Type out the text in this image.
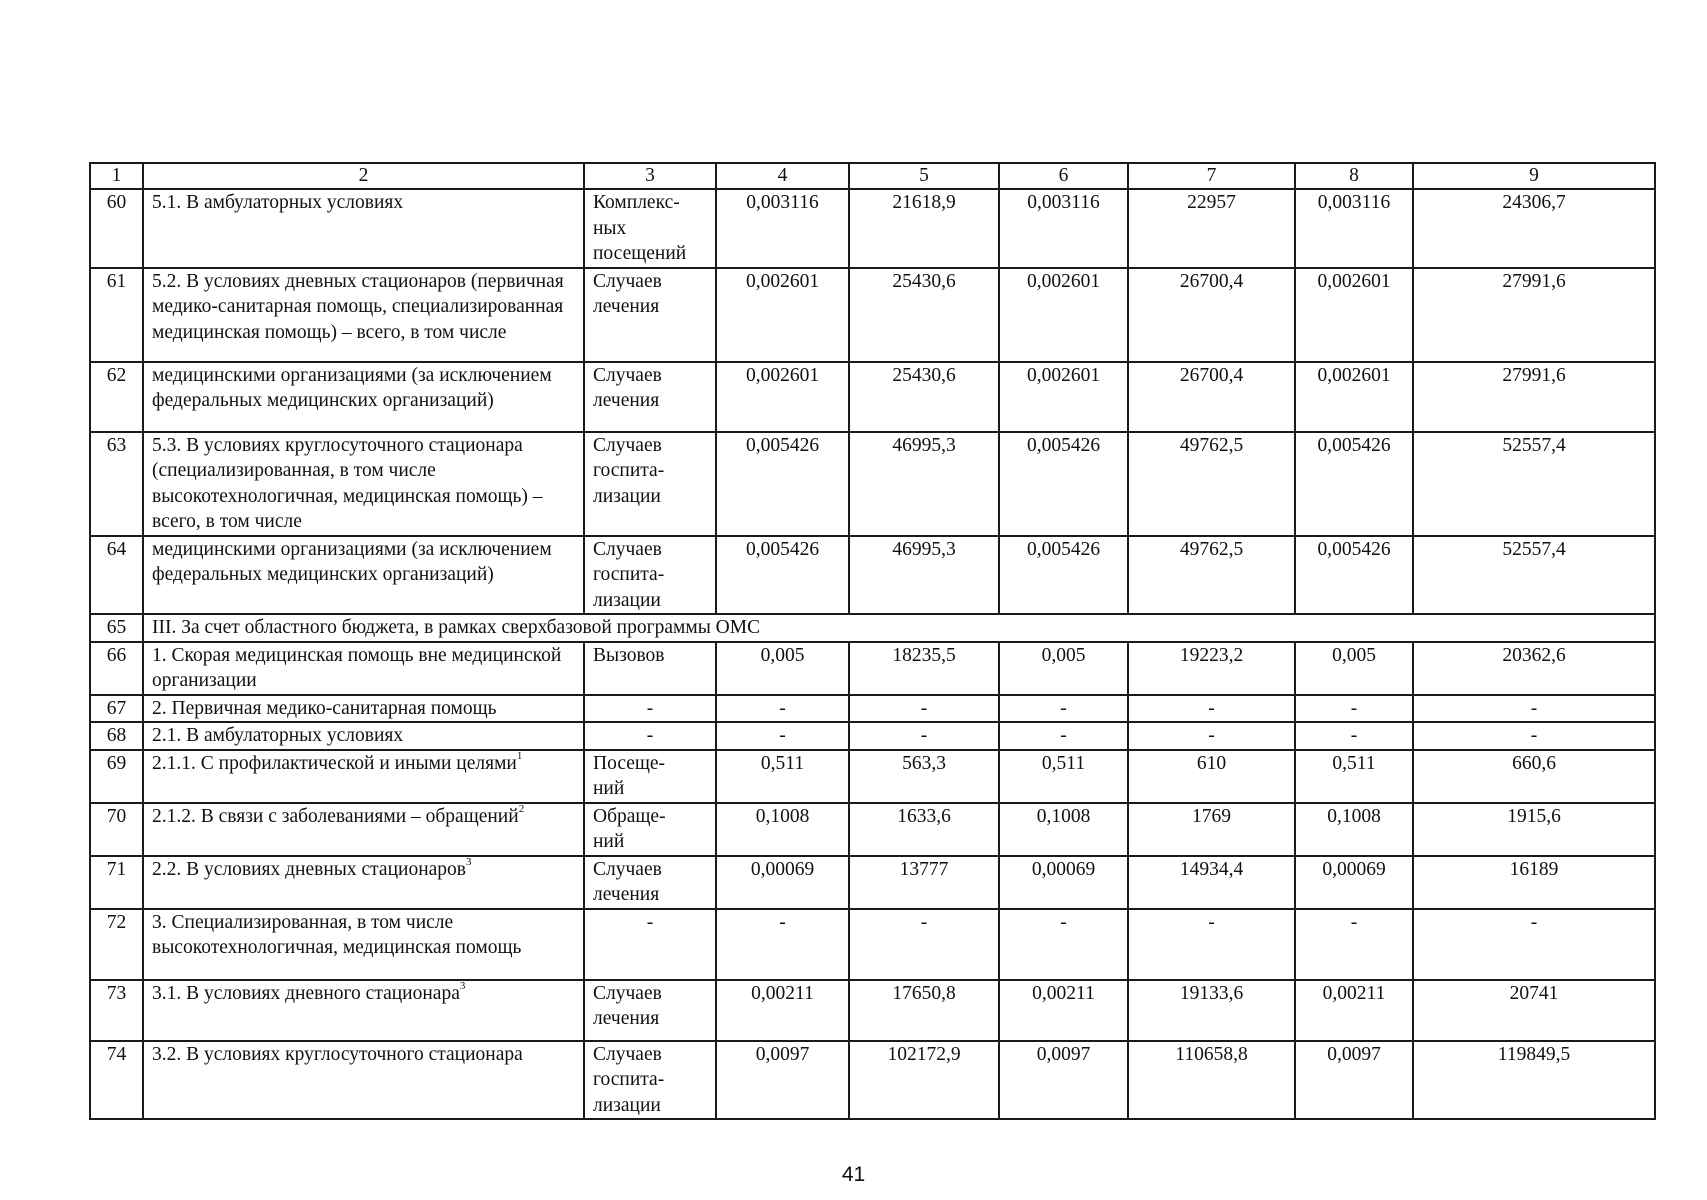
1	2	3	4	5	6	7	8	9
60	5.1. В амбулаторных условиях	Комплекс-
ных
посещений	0,003116	21618,9	0,003116	22957	0,003116	24306,7
61	5.2. В условиях дневных стационаров (первичная медико-санитарная помощь, специализированная медицинская помощь) – всего, в том числе	Случаев
лечения	0,002601	25430,6	0,002601	26700,4	0,002601	27991,6
62	медицинскими организациями (за исключением федеральных медицинских организаций)	Случаев
лечения	0,002601	25430,6	0,002601	26700,4	0,002601	27991,6
63	5.3. В условиях круглосуточного стационара (специализированная, в том числе высокотехнологичная, медицинская помощь) – всего, в том числе	Случаев
госпита-
лизации	0,005426	46995,3	0,005426	49762,5	0,005426	52557,4
64	медицинскими организациями (за исключением федеральных медицинских организаций)	Случаев
госпита-
лизации	0,005426	46995,3	0,005426	49762,5	0,005426	52557,4
65	III. За счет областного бюджета, в рамках сверхбазовой программы ОМС							
66	1. Скорая медицинская помощь вне медицинской организации	Вызовов	0,005	18235,5	0,005	19223,2	0,005	20362,6
67	2. Первичная медико-санитарная помощь	-	-	-	-	-	-	-
68	2.1. В амбулаторных условиях	-	-	-	-	-	-	-
69	2.1.1. С профилактической и иными целями$^1$	Посеще-
ний	0,511	563,3	0,511	610	0,511	660,6
70	2.1.2. В связи с заболеваниями – обращений$^2$	Обраще-
ний	0,1008	1633,6	0,1008	1769	0,1008	1915,6
71	2.2. В условиях дневных стационаров$^3$	Случаев
лечения	0,00069	13777	0,00069	14934,4	0,00069	16189
72	3. Специализированная, в том числе высокотехнологичная, медицинская помощь	-	-	-	-	-	-	-
73	3.1. В условиях дневного стационара$^3$	Случаев
лечения	0,00211	17650,8	0,00211	19133,6	0,00211	20741
74	3.2. В условиях круглосуточного стационара	Случаев
госпита-
лизации	0,0097	102172,9	0,0097	110658,8	0,0097	119849,5
41
